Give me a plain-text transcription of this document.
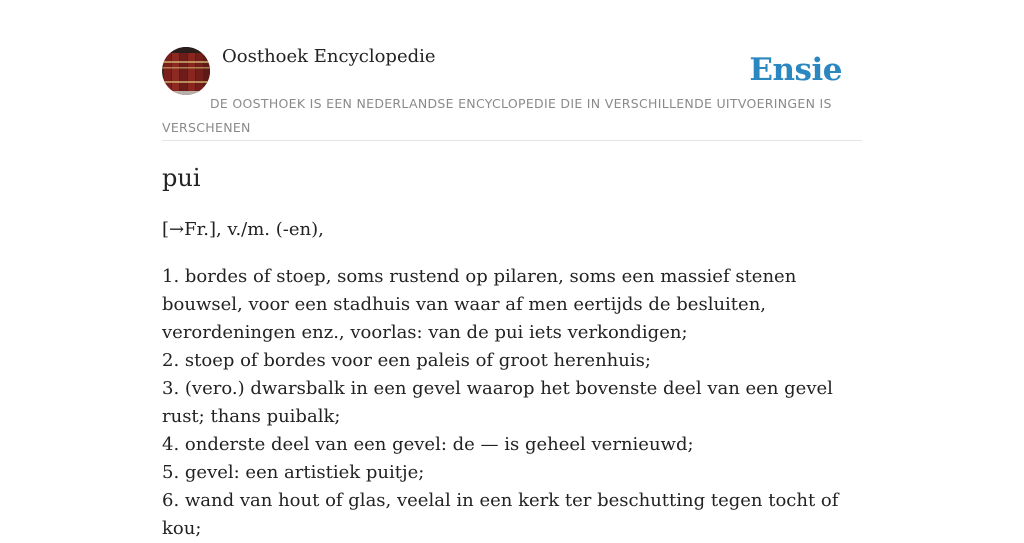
Oosthoek Encyclopedie	Ensie
DE OOSTHOEK IS EEN NEDERLANDSE ENCYCLOPEDIE DIE IN VERSCHILLENDE UITVOERINGEN IS VERSCHENEN
pui

[→Fr.], v./m. (-en),

1. bordes of stoep, soms rustend op pilaren, soms een massief stenen bouwsel, voor een stadhuis van waar af men eertijds de besluiten, verordeningen enz., voorlas: van de pui iets verkondigen;
2. stoep of bordes voor een paleis of groot herenhuis;
3. (vero.) dwarsbalk in een gevel waarop het bovenste deel van een gevel rust; thans puibalk;
4. onderste deel van een gevel: de — is geheel vernieuwd;
5. gevel: een artistiek puitje;
6. wand van hout of glas, veelal in een kerk ter beschutting tegen tocht of kou;
